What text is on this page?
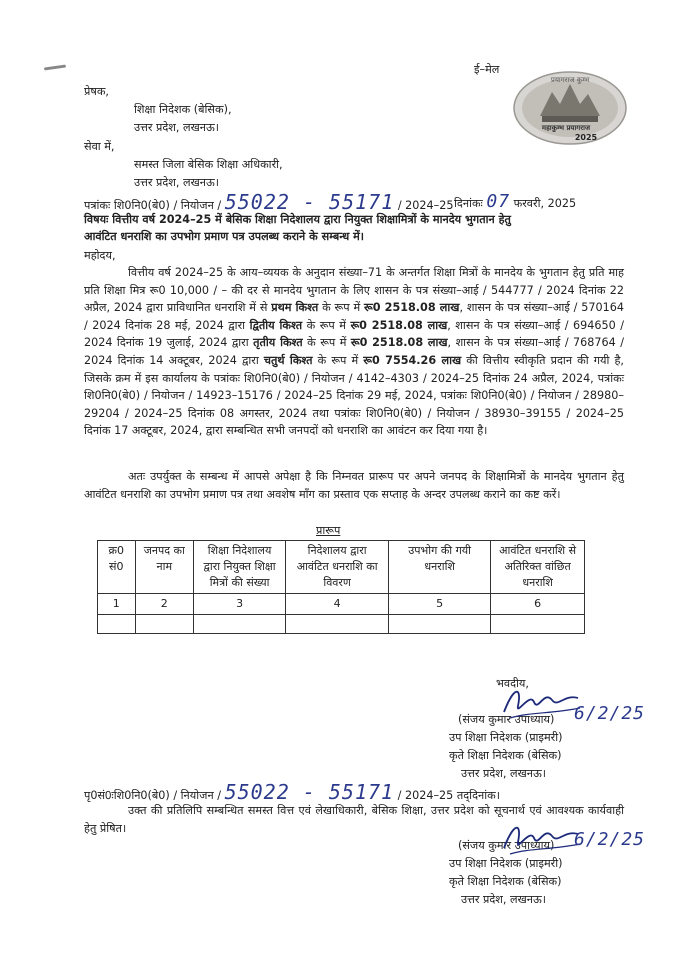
ई–मेल
प्रयागराज कुम्भ
महाकुम्भ प्रयागराज
2025
प्रेषक,
शिक्षा निदेशक (बेसिक),
उत्तर प्रदेश, लखनऊ।
सेवा में,
समस्त जिला बेसिक शिक्षा अधिकारी,
उत्तर प्रदेश, लखनऊ।
पत्रांकः शि0नि0(बे0) / नियोजन / 55022 - 55171 / 2024–25 दिनांकः 07 फरवरी, 2025
विषयः वित्तीय वर्ष 2024–25 में बेसिक शिक्षा निदेशालय द्वारा नियुक्त शिक्षामित्रों के मानदेय भुगतान हेतु
आवंटित धनराशि का उपभोग प्रमाण पत्र उपलब्ध कराने के सम्बन्ध में।
महोदय,
वित्तीय वर्ष 2024–25 के आय–व्ययक के अनुदान संख्या–71 के अन्तर्गत शिक्षा मित्रों के मानदेय के भुगतान हेतु प्रति माह प्रति शिक्षा मित्र रू0 10,000 / – की दर से मानदेय भुगतान के लिए शासन के पत्र संख्या–आई / 544777 / 2024 दिनांक 22 अप्रैल, 2024 द्वारा प्राविधानित धनराशि में से प्रथम किश्त के रूप में रू0 2518.08 लाख, शासन के पत्र संख्या–आई / 570164 / 2024 दिनांक 28 मई, 2024 द्वारा द्वितीय किश्त के रूप में रू0 2518.08 लाख, शासन के पत्र संख्या–आई / 694650 / 2024 दिनांक 19 जुलाई, 2024 द्वारा तृतीय किश्त के रूप में रू0 2518.08 लाख, शासन के पत्र संख्या–आई / 768764 / 2024 दिनांक 14 अक्टूबर, 2024 द्वारा चतुर्थ किश्त के रूप में रू0 7554.26 लाख की वित्तीय स्वीकृति प्रदान की गयी है, जिसके क्रम में इस कार्यालय के पत्रांकः शि0नि0(बे0) / नियोजन / 4142–4303 / 2024–25 दिनांक 24 अप्रैल, 2024, पत्रांकः शि0नि0(बे0) / नियोजन / 14923–15176 / 2024–25 दिनांक 29 मई, 2024, पत्रांकः शि0नि0(बे0) / नियोजन / 28980–29204 / 2024–25 दिनांक 08 अगस्तर, 2024 तथा पत्रांकः शि0नि0(बे0) / नियोजन / 38930–39155 / 2024–25 दिनांक 17 अक्टूबर, 2024, द्वारा सम्बन्धित सभी जनपदों को धनराशि का आवंटन कर दिया गया है।
अतः उपर्युक्त के सम्बन्ध में आपसे अपेक्षा है कि निम्नवत प्रारूप पर अपने जनपद के शिक्षामित्रों के मानदेय भुगतान हेतु आवंटित धनराशि का उपभोग प्रमाण पत्र तथा अवशेष माँग का प्रस्ताव एक सप्ताह के अन्दर उपलब्ध कराने का कष्ट करें।
प्रारूप
क्र0 सं0	जनपद का नाम	शिक्षा निदेशालय द्वारा नियुक्त शिक्षा मित्रों की संख्या	निदेशालय द्वारा आवंटित धनराशि का विवरण	उपभोग की गयी धनराशि	आवंटित धनराशि से अतिरिक्त वांछित धनराशि
1	2	3	4	5	6

भवदीय,
(संजय कुमार उपाध्याय) 6/2/25
उप शिक्षा निदेशक (प्राइमरी)
कृते शिक्षा निदेशक (बेसिक)
उत्तर प्रदेश, लखनऊ।
पृ0सं0ःशि0नि0(बे0) / नियोजन / 55022 - 55171 / 2024–25 तद्‌दिनांक।
उक्त की प्रतिलिपि सम्बन्धित समस्त वित्त एवं लेखाधिकारी, बेसिक शिक्षा, उत्तर प्रदेश को सूचनार्थ एवं आवश्यक कार्यवाही हेतु प्रेषित।
(संजय कुमार उपाध्याय) 6/2/25
उप शिक्षा निदेशक (प्राइमरी)
कृते शिक्षा निदेशक (बेसिक)
उत्तर प्रदेश, लखनऊ।
